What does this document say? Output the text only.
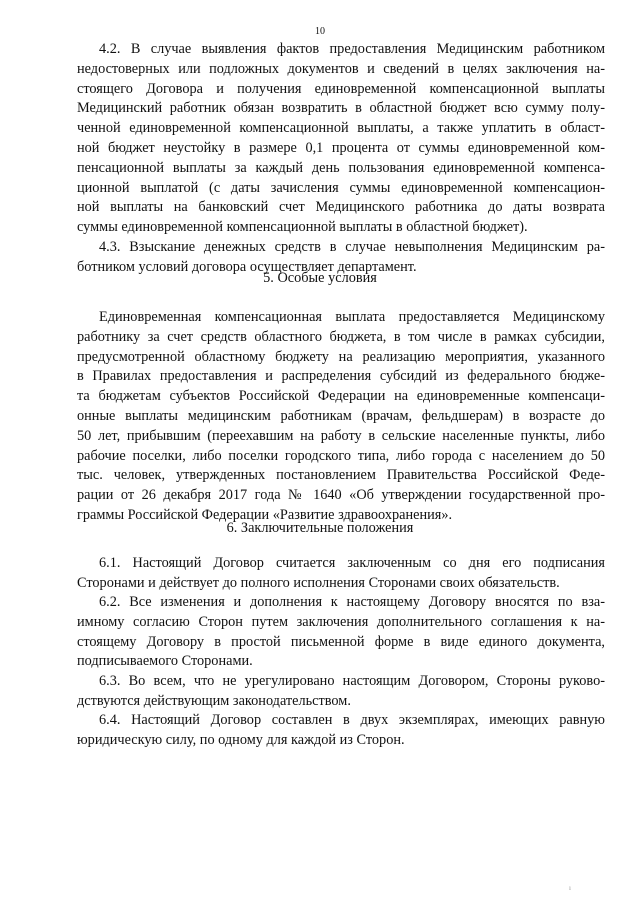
10
4.2. В случае выявления фактов предоставления Медицинским работником
недостоверных или подложных документов и сведений в целях заключения на-
стоящего Договора и получения единовременной компенсационной выплаты
Медицинский работник обязан возвратить в областной бюджет всю сумму полу-
ченной единовременной компенсационной выплаты, а также уплатить в област-
ной бюджет неустойку в размере 0,1 процента от суммы единовременной ком-
пенсационной выплаты за каждый день пользования единовременной компенса-
ционной выплатой (с даты зачисления суммы единовременной компенсацион-
ной выплаты на банковский счет Медицинского работника до даты возврата
суммы единовременной компенсационной выплаты в областной бюджет).
4.3. Взыскание денежных средств в случае невыполнения Медицинским ра-
ботником условий договора осуществляет департамент.
5. Особые условия
Единовременная компенсационная выплата предоставляется Медицинскому
работнику за счет средств областного бюджета, в том числе в рамках субсидии,
предусмотренной областному бюджету на реализацию мероприятия, указанного
в Правилах предоставления и распределения субсидий из федерального бюдже-
та бюджетам субъектов Российской Федерации на единовременные компенсаци-
онные выплаты медицинским работникам (врачам, фельдшерам) в возрасте до
50 лет, прибывшим (переехавшим на работу в сельские населенные пункты, либо
рабочие поселки, либо поселки городского типа, либо города с населением до 50
тыс. человек, утвержденных постановлением Правительства Российской Феде-
рации от 26 декабря 2017 года № 1640 «Об утверждении государственной про-
граммы Российской Федерации «Развитие здравоохранения».
6. Заключительные положения
6.1. Настоящий Договор считается заключенным со дня его подписания
Сторонами и действует до полного исполнения Сторонами своих обязательств.
6.2. Все изменения и дополнения к настоящему Договору вносятся по вза-
имному согласию Сторон путем заключения дополнительного соглашения к на-
стоящему Договору в простой письменной форме в виде единого документа,
подписываемого Сторонами.
6.3. Во всем, что не урегулировано настоящим Договором, Стороны руково-
дствуются действующим законодательством.
6.4. Настоящий Договор составлен в двух экземплярах, имеющих равную
юридическую силу, по одному для каждой из Сторон.
ı
